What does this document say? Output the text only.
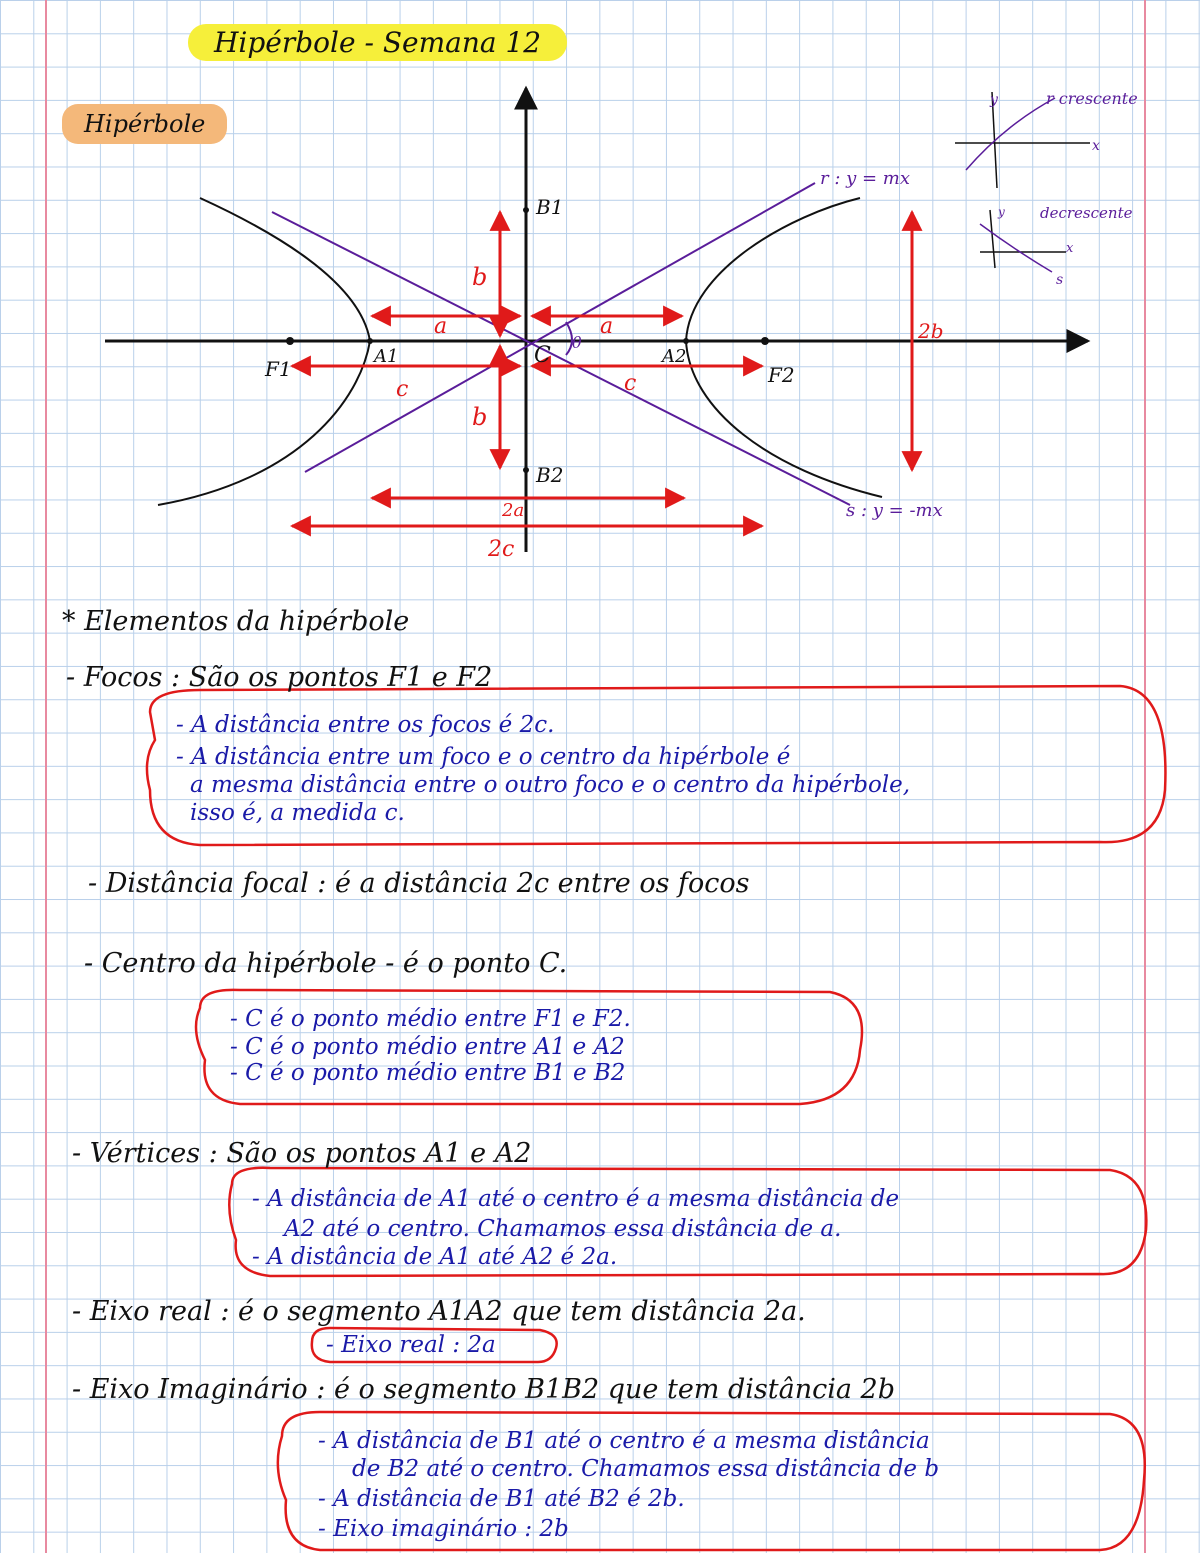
Hipérbole - Semana 12
Hipérbole
B1
B2
A1	A2
F1	F2
C
θ
a	a
b
b
c	c
2a
2c
2b
r : y = mx
s : y = -mx
y
x
r crescente
y
x
decrescente
s
* Elementos da hipérbole
- Focos : São os pontos F1 e F2
- A distância entre os focos é 2c.
- A distância entre um foco e o centro da hipérbole é
a mesma distância entre o outro foco e o centro da hipérbole,
isso é, a medida c.
- Distância focal : é a distância 2c entre os focos
- Centro da hipérbole - é o ponto C.
- C é o ponto médio entre F1 e F2.
- C é o ponto médio entre A1 e A2
- C é o ponto médio entre B1 e B2
- Vértices : São os pontos A1 e A2
- A distância de A1 até o centro é a mesma distância de
A2 até o centro. Chamamos essa distância de a.
- A distância de A1 até A2 é 2a.
- Eixo real : é o segmento A1A2 que tem distância 2a.
- Eixo real : 2a
- Eixo Imaginário : é o segmento B1B2 que tem distância 2b
- A distância de B1 até o centro é a mesma distância
de B2 até o centro. Chamamos essa distância de b
- A distância de B1 até B2 é 2b.
- Eixo imaginário : 2b
